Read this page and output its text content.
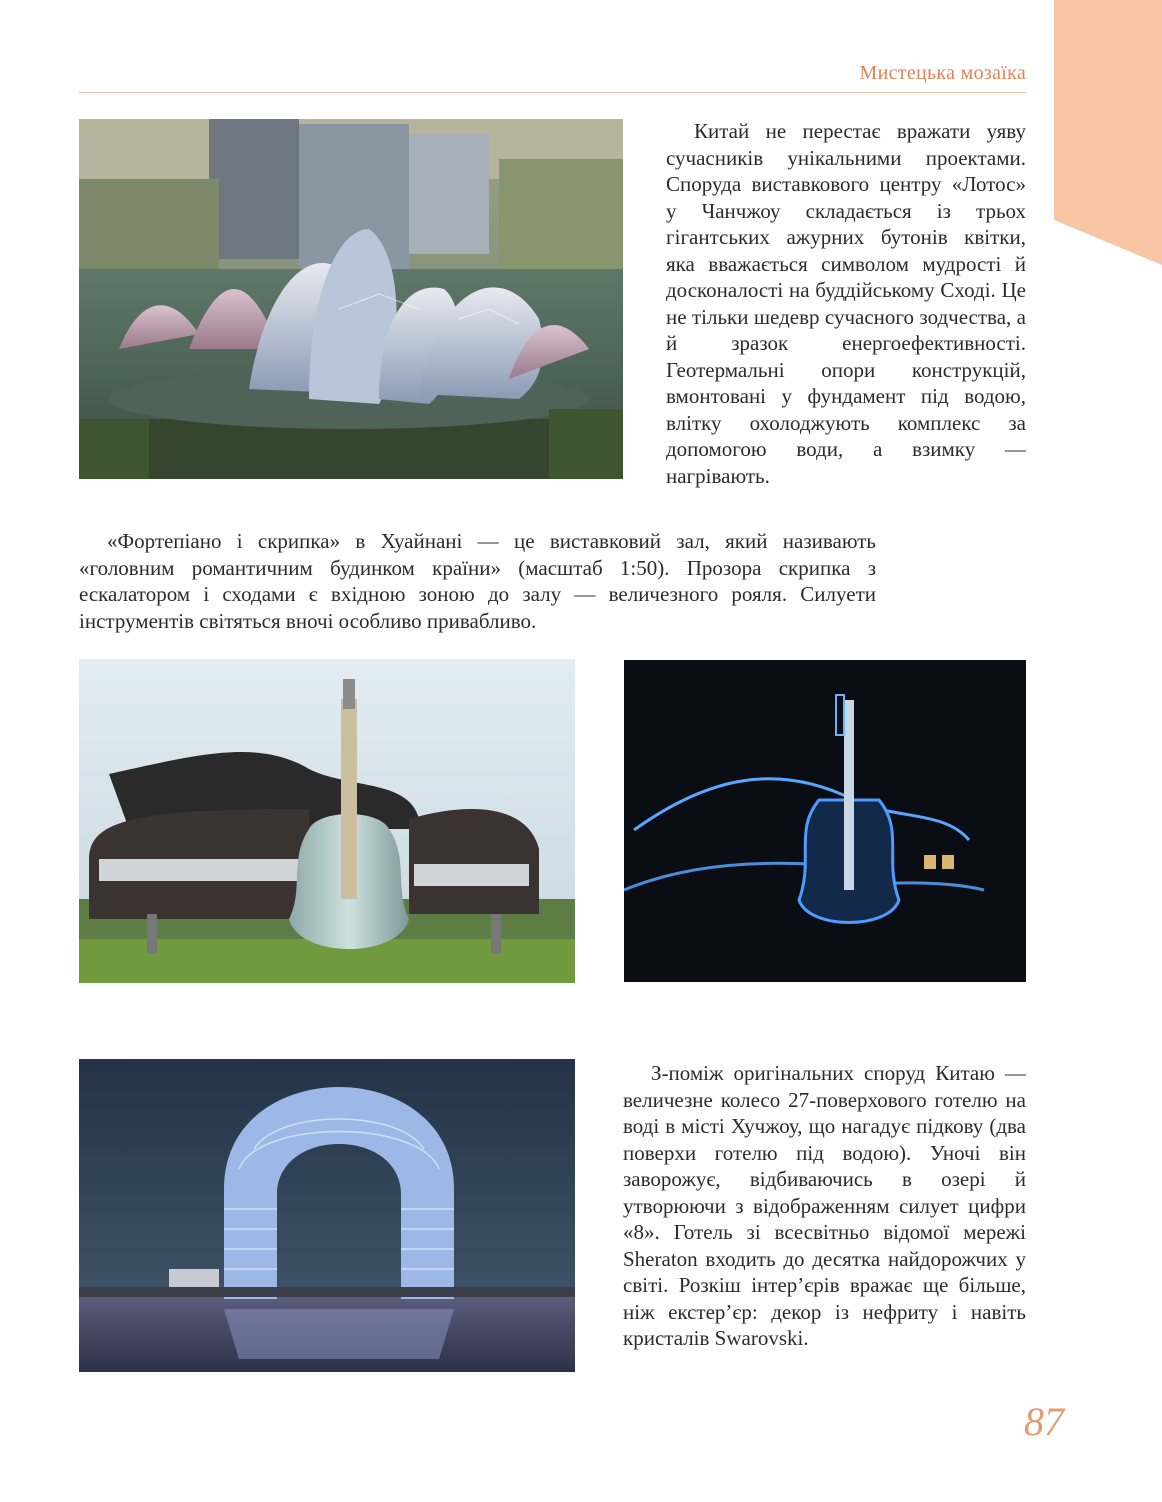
Мистецька мозаїка

Китай не перестає вражати уяву сучасників унікальними проектами. Споруда виставкового центру «Лотос» у Чанчжоу складається із трьох гігантських ажурних бутонів квітки, яка вважається символом мудрості й досконалості на буддійському Сході. Це не тільки шедевр сучасного зодчества, а й зразок енергоефективності. Геотермальні опори конструкцій, вмонтовані у фундамент під водою, влітку охолоджують комплекс за допомогою води, а взимку — нагрівають.

«Фортепіано і скрипка» в Хуайнані — це виставковий зал, який називають «головним романтичним будинком країни» (масштаб 1:50). Прозора скрипка з ескалатором і сходами є вхідною зоною до залу — величезного рояля. Силуети інструментів світяться вночі особливо привабливо.

З-поміж оригінальних споруд Китаю — величезне колесо 27-поверхового готелю на воді в місті Хучжоу, що нагадує підкову (два поверхи готелю під водою). Уночі він заворожує, відбиваючись в озері й утворюючи з відображенням силует цифри «8». Готель зі всесвітньо відомої мережі Sheraton входить до десятка найдорожчих у світі. Розкіш інтер’єрів вражає ще більше, ніж екстер’єр: декор із нефриту і навіть кристалів Swarovski.

87
